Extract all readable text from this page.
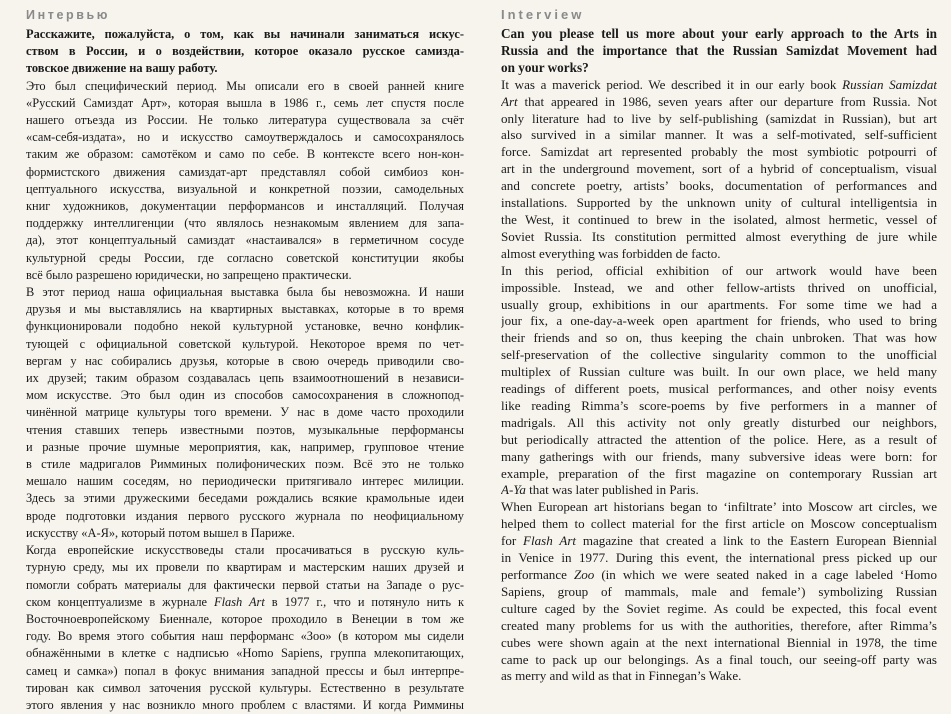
Интервью
Расскажите, пожалуйста, о том, как вы начинали заниматься искус-
ством в России, и о воздействии, которое оказало русское самизда-
товское движение на вашу работу.
Это был специфический период. Мы описали его в своей ранней книге
«Русский Самиздат Арт», которая вышла в 1986 г., семь лет спустя после
нашего отъезда из России. Не только литература существовала за счёт
«сам-себя-издата», но и искусство самоутверждалось и самосохранялось
таким же образом: самотёком и само по себе. В контексте всего нон-кон-
формистского движения самиздат-арт представлял собой симбиоз кон-
цептуального искусства, визуальной и конкретной поэзии, самодельных
книг художников, документации перформансов и инсталляций. Получая
поддержку интеллигенции (что являлось незнакомым явлением для запа-
да), этот концептуальный самиздат «настаивался» в герметичном сосуде
культурной среды России, где согласно советской конституции якобы
всё было разрешено юридически, но запрещено практически.
В этот период наша официальная выставка была бы невозможна. И наши
друзья и мы выставлялись на квартирных выставках, которые в то время
функционировали подобно некой культурной установке, вечно конфлик-
тующей с официальной советской культурой. Некоторое время по чет-
вергам у нас собирались друзья, которые в свою очередь приводили сво-
их друзей; таким образом создавалась цепь взаимоотношений в независи-
мом искусстве. Это был один из способов самосохранения в сложнопод-
чинённой матрице культуры того времени. У нас в доме часто проходили
чтения ставших теперь известными поэтов, музыкальные перформансы
и разные прочие шумные мероприятия, как, например, групповое чтение
в стиле мадригалов Римминых полифонических поэм. Всё это не только
мешало нашим соседям, но периодически притягивало интерес милиции.
Здесь за этими дружескими беседами рождались всякие крамольные идеи
вроде подготовки издания первого русского журнала по неофициальному
искусству «А-Я», который потом вышел в Париже.
Когда европейские искусствоведы стали просачиваться в русскую куль-
турную среду, мы их провели по квартирам и мастерским наших друзей и
помогли собрать материалы для фактически первой статьи на Западе о рус-
ском концептуализме в журнале Flash Art в 1977 г., что и потянуло нить к
Восточноевропейскому Биеннале, которое проходило в Венеции в том же
году. Во время этого события наш перформанс «Зоо» (в котором мы сидели
обнажёнными в клетке с надписью «Homo Sapiens, группа млекопитающих,
самец и самка») попал в фокус внимания западной прессы и был интерпре-
тирован как символ заточения русской культуры. Естественно в результате
этого явления у нас возникло много проблем с властями. И когда Риммины
Interview
Can you please tell us more about your early approach to the Arts in
Russia and the importance that the Russian Samizdat Movement had
on your works?
It was a maverick period. We described it in our early book Russian Samizdat
Art that appeared in 1986, seven years after our departure from Russia. Not
only literature had to live by self-publishing (samizdat in Russian), but art
also survived in a similar manner. It was a self-motivated, self-sufficient
force. Samizdat art represented probably the most symbiotic potpourri of
art in the underground movement, sort of a hybrid of conceptualism, visual
and concrete poetry, artists’ books, documentation of performances and
installations. Supported by the unknown unity of cultural intelligentsia in
the West, it continued to brew in the isolated, almost hermetic, vessel of
Soviet Russia. Its constitution permitted almost everything de jure while
almost everything was forbidden de facto.
In this period, official exhibition of our artwork would have been
impossible. Instead, we and other fellow-artists thrived on unofficial,
usually group, exhibitions in our apartments. For some time we had a
jour fix, a one-day-a-week open apartment for friends, who used to bring
their friends and so on, thus keeping the chain unbroken. That was how
self-preservation of the collective singularity common to the unofficial
multiplex of Russian culture was built. In our own place, we held many
readings of different poets, musical performances, and other noisy events
like reading Rimma’s score-poems by five performers in a manner of
madrigals. All this activity not only greatly disturbed our neighbors,
but periodically attracted the attention of the police. Here, as a result of
many gatherings with our friends, many subversive ideas were born: for
example, preparation of the first magazine on contemporary Russian art
A-Ya that was later published in Paris.
When European art historians began to ‘infiltrate’ into Moscow art circles, we
helped them to collect material for the first article on Moscow conceptualism
for Flash Art magazine that created a link to the Eastern European Biennial
in Venice in 1977. During this event, the international press picked up our
performance Zoo (in which we were seated naked in a cage labeled ‘Homo
Sapiens, group of mammals, male and female’) symbolizing Russian
culture caged by the Soviet regime. As could be expected, this focal event
created many problems for us with the authorities, therefore, after Rimma’s
cubes were shown again at the next international Biennial in 1978, the time
came to pack up our belongings. As a final touch, our seeing-off party was
as merry and wild as that in Finnegan’s Wake.
